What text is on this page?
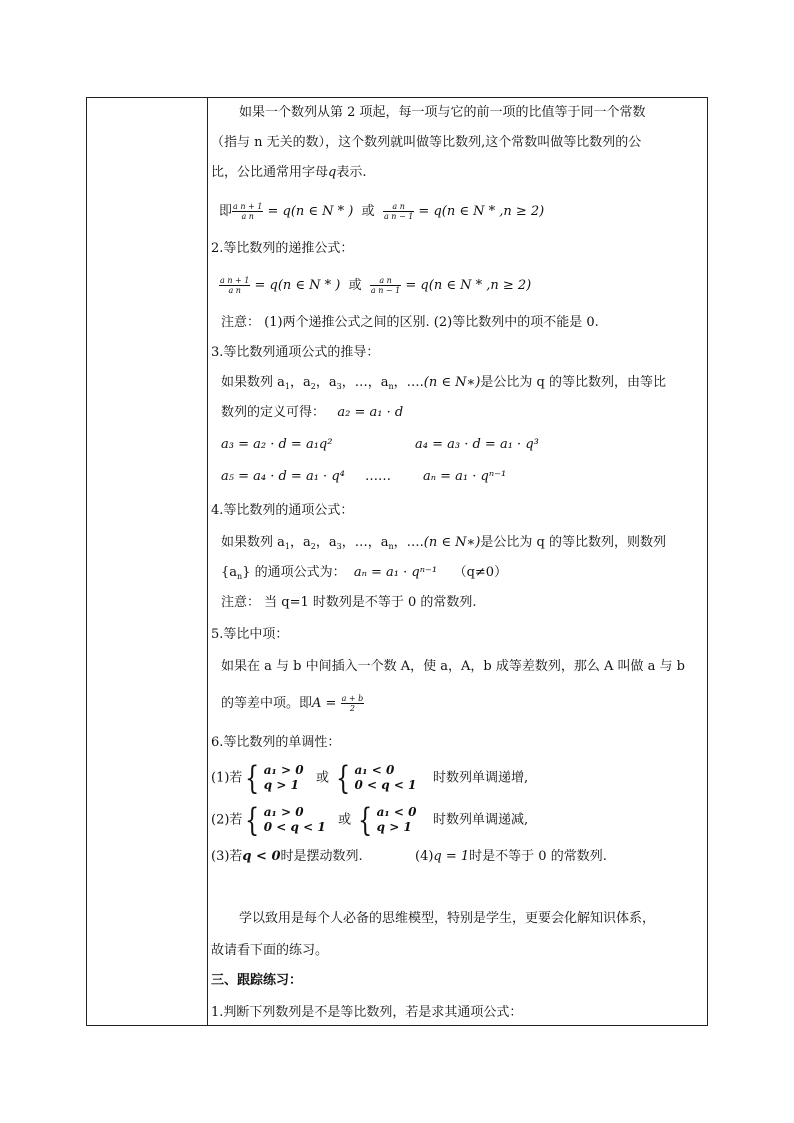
如果一个数列从第 2 项起，每一项与它的前一项的比值等于同一个常数
（指与 n 无关的数），这个数列就叫做等比数列,这个常数叫做等比数列的公
比，公比通常用字母q表示.
即 $\frac{\text{a n + 1}}{\text{a n}} = q(n$ ∈ N * ) 或 $\frac{\text{a n}}{\text{a n − 1}} = q(n$ ∈ N * ,n ≥ 2)
2.等比数列的递推公式：
$\frac{\text{a n + 1}}{\text{a n}} = q(n$ ∈ N * ) 或 $\frac{\text{a n}}{\text{a n − 1}} = q(n$ ∈ N * ,n ≥ 2)
注意： (1)两个递推公式之间的区别. (2)等比数列中的项不能是 0.
3.等比数列通项公式的推导：
如果数列 $a_1$，$a_2$，$a_3$，…，$a_n$，….(n ∈ N∗)是公比为 q 的等比数列，由等比
数列的定义可得： a₂ = a₁ · d
a₃ = a₂ · d = a₁q²	a₄ = a₃ · d = a₁ · q³
a₅ = a₄ · d = a₁ · q⁴ …… aₙ = a₁ · qⁿ⁻¹
4.等比数列的通项公式：
如果数列 $a_1$，$a_2$，$a_3$，…，$a_n$，….(n ∈ N∗)是公比为 q 的等比数列，则数列
$\{a_n\}$ 的通项公式为： aₙ = a₁ · qⁿ⁻¹ （q≠0）
注意： 当 q=1 时数列是不等于 0 的常数列.
5.等比中项：
如果在 a 与 b 中间插入一个数 A，使 a，A，b 成等差数列，那么 A 叫做 a 与 b
的等差中项。即$A = \frac{a + b}{2}$
6.等比数列的单调性：
(1)若 { a₁ > 0
q > 1	或 { a₁ < 0
0 < q < 1 时数列单调递增,
(2)若 { a₁ > 0
0 < q < 1 或 { a₁ < 0
q > 1	时数列单调递减,
(3)若q < 0时是摆动数列.	(4)q = 1时是不等于 0 的常数列.
学以致用是每个人必备的思维模型，特别是学生，更要会化解知识体系，
故请看下面的练习。
三、跟踪练习：
1.判断下列数列是不是等比数列，若是求其通项公式：
